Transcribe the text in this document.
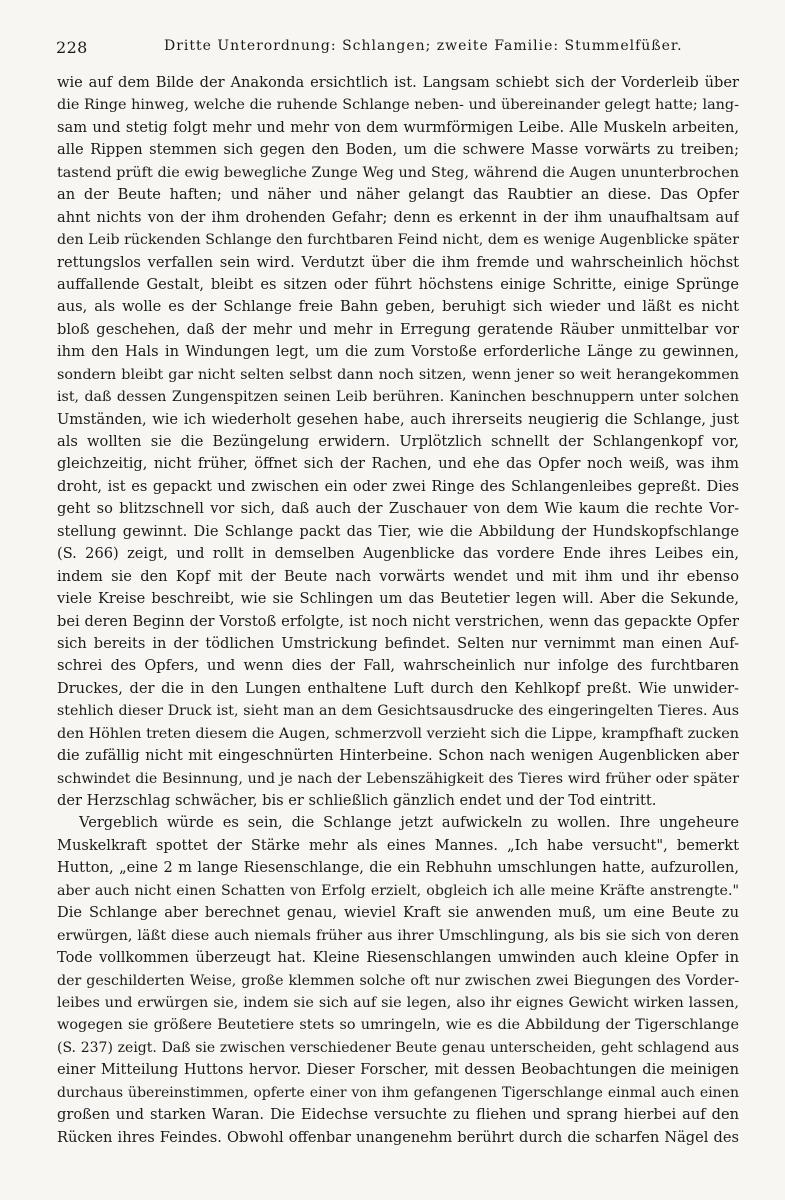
228	Dritte Unterordnung: Schlangen; zweite Familie: Stummelfüßer.
wie auf dem Bilde der Anakonda ersichtlich ist. Langsam schiebt sich der Vorderleib über
die Ringe hinweg, welche die ruhende Schlange neben- und übereinander gelegt hatte; lang-
sam und stetig folgt mehr und mehr von dem wurmförmigen Leibe. Alle Muskeln arbeiten,
alle Rippen stemmen sich gegen den Boden, um die schwere Masse vorwärts zu treiben;
tastend prüft die ewig bewegliche Zunge Weg und Steg, während die Augen ununterbrochen
an der Beute haften; und näher und näher gelangt das Raubtier an diese. Das Opfer
ahnt nichts von der ihm drohenden Gefahr; denn es erkennt in der ihm unaufhaltsam auf
den Leib rückenden Schlange den furchtbaren Feind nicht, dem es wenige Augenblicke später
rettungslos verfallen sein wird. Verdutzt über die ihm fremde und wahrscheinlich höchst
auffallende Gestalt, bleibt es sitzen oder führt höchstens einige Schritte, einige Sprünge
aus, als wolle es der Schlange freie Bahn geben, beruhigt sich wieder und läßt es nicht
bloß geschehen, daß der mehr und mehr in Erregung geratende Räuber unmittelbar vor
ihm den Hals in Windungen legt, um die zum Vorstoße erforderliche Länge zu gewinnen,
sondern bleibt gar nicht selten selbst dann noch sitzen, wenn jener so weit herangekommen
ist, daß dessen Zungenspitzen seinen Leib berühren. Kaninchen beschnuppern unter solchen
Umständen, wie ich wiederholt gesehen habe, auch ihrerseits neugierig die Schlange, just
als wollten sie die Bezüngelung erwidern. Urplötzlich schnellt der Schlangenkopf vor,
gleichzeitig, nicht früher, öffnet sich der Rachen, und ehe das Opfer noch weiß, was ihm
droht, ist es gepackt und zwischen ein oder zwei Ringe des Schlangenleibes gepreßt. Dies
geht so blitzschnell vor sich, daß auch der Zuschauer von dem Wie kaum die rechte Vor-
stellung gewinnt. Die Schlange packt das Tier, wie die Abbildung der Hundskopfschlange
(S. 266) zeigt, und rollt in demselben Augenblicke das vordere Ende ihres Leibes ein,
indem sie den Kopf mit der Beute nach vorwärts wendet und mit ihm und ihr ebenso
viele Kreise beschreibt, wie sie Schlingen um das Beutetier legen will. Aber die Sekunde,
bei deren Beginn der Vorstoß erfolgte, ist noch nicht verstrichen, wenn das gepackte Opfer
sich bereits in der tödlichen Umstrickung befindet. Selten nur vernimmt man einen Auf-
schrei des Opfers, und wenn dies der Fall, wahrscheinlich nur infolge des furchtbaren
Druckes, der die in den Lungen enthaltene Luft durch den Kehlkopf preßt. Wie unwider-
stehlich dieser Druck ist, sieht man an dem Gesichtsausdrucke des eingeringelten Tieres. Aus
den Höhlen treten diesem die Augen, schmerzvoll verzieht sich die Lippe, krampfhaft zucken
die zufällig nicht mit eingeschnürten Hinterbeine. Schon nach wenigen Augenblicken aber
schwindet die Besinnung, und je nach der Lebenszähigkeit des Tieres wird früher oder später
der Herzschlag schwächer, bis er schließlich gänzlich endet und der Tod eintritt.
Vergeblich würde es sein, die Schlange jetzt aufwickeln zu wollen. Ihre ungeheure
Muskelkraft spottet der Stärke mehr als eines Mannes. „Ich habe versucht", bemerkt
Hutton, „eine 2 m lange Riesenschlange, die ein Rebhuhn umschlungen hatte, aufzurollen,
aber auch nicht einen Schatten von Erfolg erzielt, obgleich ich alle meine Kräfte anstrengte."
Die Schlange aber berechnet genau, wieviel Kraft sie anwenden muß, um eine Beute zu
erwürgen, läßt diese auch niemals früher aus ihrer Umschlingung, als bis sie sich von deren
Tode vollkommen überzeugt hat. Kleine Riesenschlangen umwinden auch kleine Opfer in
der geschilderten Weise, große klemmen solche oft nur zwischen zwei Biegungen des Vorder-
leibes und erwürgen sie, indem sie sich auf sie legen, also ihr eignes Gewicht wirken lassen,
wogegen sie größere Beutetiere stets so umringeln, wie es die Abbildung der Tigerschlange
(S. 237) zeigt. Daß sie zwischen verschiedener Beute genau unterscheiden, geht schlagend aus
einer Mitteilung Huttons hervor. Dieser Forscher, mit dessen Beobachtungen die meinigen
durchaus übereinstimmen, opferte einer von ihm gefangenen Tigerschlange einmal auch einen
großen und starken Waran. Die Eidechse versuchte zu fliehen und sprang hierbei auf den
Rücken ihres Feindes. Obwohl offenbar unangenehm berührt durch die scharfen Nägel des
